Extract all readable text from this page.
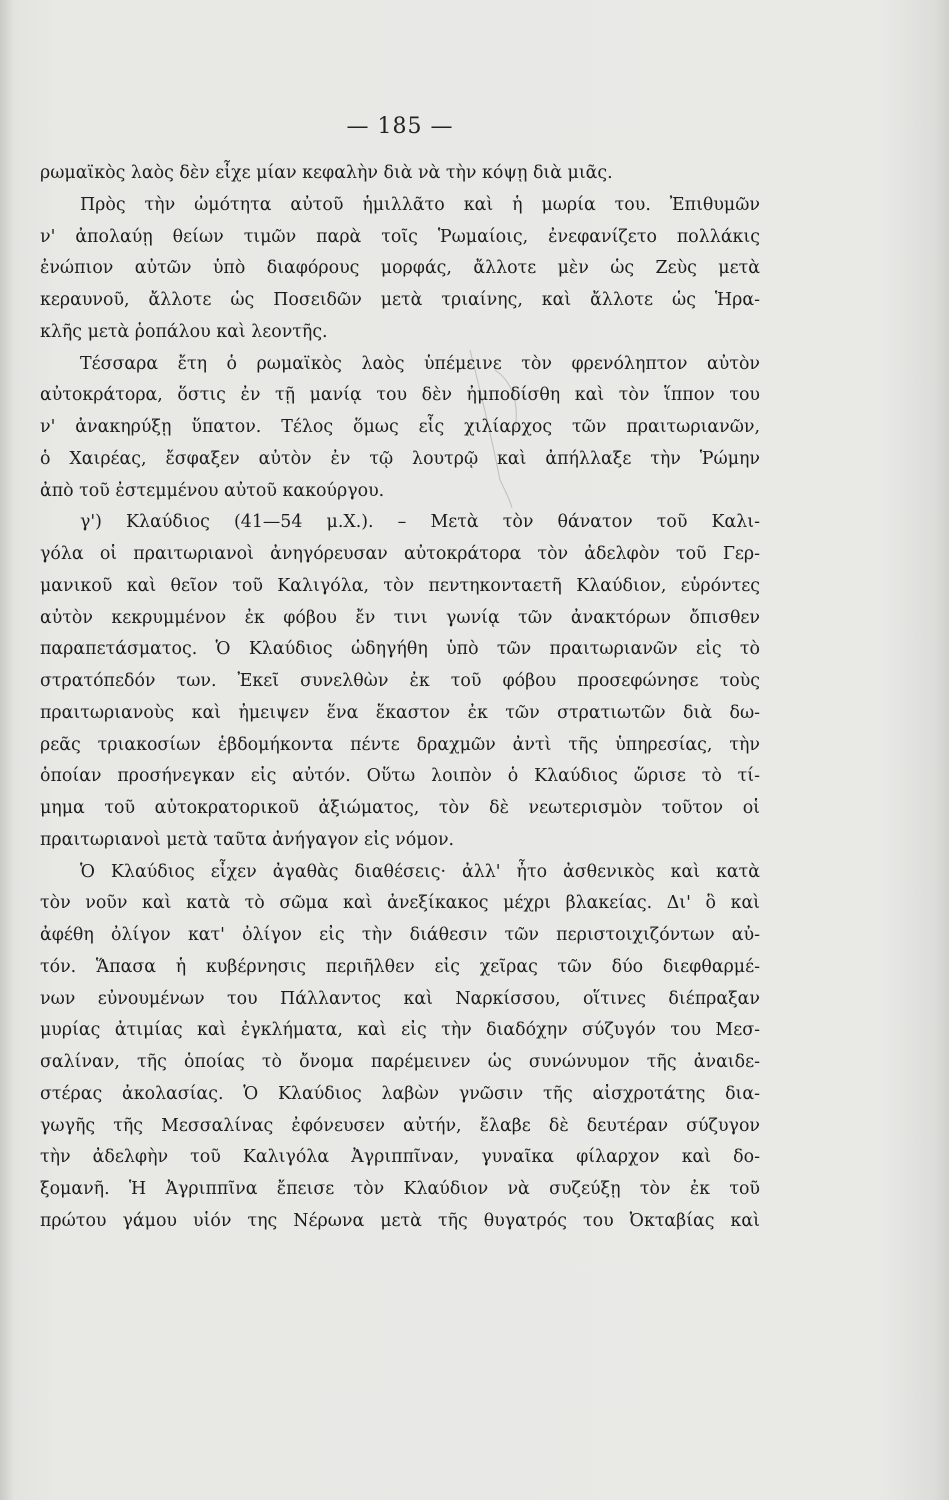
— 185 —
ρωμαϊκὸς λαὸς δὲν εἶχε μίαν κεφαλὴν διὰ νὰ τὴν κόψῃ διὰ μιᾶς.
Πρὸς τὴν ὠμότητα αὐτοῦ ἡμιλλᾶτο καὶ ἡ μωρία του. Ἐπιθυμῶν
ν' ἀπολαύῃ θείων τιμῶν παρὰ τοῖς Ῥωμαίοις, ἐνεφανίζετο πολλάκις
ἐνώπιον αὐτῶν ὑπὸ διαφόρους μορφάς, ἄλλοτε μὲν ὡς Ζεὺς μετὰ
κεραυνοῦ, ἄλλοτε ὡς Ποσειδῶν μετὰ τριαίνης, καὶ ἄλλοτε ὡς Ἡρα-
κλῆς μετὰ ῥοπάλου καὶ λεοντῆς.
Τέσσαρα ἔτη ὁ ρωμαϊκὸς λαὸς ὑπέμεινε τὸν φρενόληπτον αὐτὸν
αὐτοκράτορα, ὅστις ἐν τῇ μανίᾳ του δὲν ἠμποδίσθη καὶ τὸν ἵππον του
ν' ἀνακηρύξῃ ὕπατον. Τέλος ὅμως εἷς χιλίαρχος τῶν πραιτωριανῶν,
ὁ Χαιρέας, ἔσφαξεν αὐτὸν ἐν τῷ λουτρῷ καὶ ἀπήλλαξε τὴν Ῥώμην
ἀπὸ τοῦ ἐστεμμένου αὐτοῦ κακούργου.
γ') Κλαύδιος (41—54 μ.Χ.). – Μετὰ τὸν θάνατον τοῦ Καλι-
γόλα οἱ πραιτωριανοὶ ἀνηγόρευσαν αὐτοκράτορα τὸν ἀδελφὸν τοῦ Γερ-
μανικοῦ καὶ θεῖον τοῦ Καλιγόλα, τὸν πεντηκονταετῆ Κλαύδιον, εὑρόντες
αὐτὸν κεκρυμμένον ἐκ φόβου ἔν τινι γωνίᾳ τῶν ἀνακτόρων ὄπισθεν
παραπετάσματος. Ὁ Κλαύδιος ὡδηγήθη ὑπὸ τῶν πραιτωριανῶν εἰς τὸ
στρατόπεδόν των. Ἐκεῖ συνελθὼν ἐκ τοῦ φόβου προσεφώνησε τοὺς
πραιτωριανοὺς καὶ ἠμειψεν ἕνα ἕκαστον ἐκ τῶν στρατιωτῶν διὰ δω-
ρεᾶς τριακοσίων ἑβδομήκοντα πέντε δραχμῶν ἀντὶ τῆς ὑπηρεσίας, τὴν
ὁποίαν προσήνεγκαν εἰς αὐτόν. Οὕτω λοιπὸν ὁ Κλαύδιος ὥρισε τὸ τί-
μημα τοῦ αὐτοκρατορικοῦ ἀξιώματος, τὸν δὲ νεωτερισμὸν τοῦτον οἱ
πραιτωριανοὶ μετὰ ταῦτα ἀνήγαγον εἰς νόμον.
Ὁ Κλαύδιος εἶχεν ἀγαθὰς διαθέσεις· ἀλλ' ἦτο ἀσθενικὸς καὶ κατὰ
τὸν νοῦν καὶ κατὰ τὸ σῶμα καὶ ἀνεξίκακος μέχρι βλακείας. Δι' ὃ καὶ
ἀφέθη ὀλίγον κατ' ὀλίγον εἰς τὴν διάθεσιν τῶν περιστοιχιζόντων αὐ-
τόν. Ἅπασα ἡ κυβέρνησις περιῆλθεν εἰς χεῖρας τῶν δύο διεφθαρμέ-
νων εὐνουμένων του Πάλλαντος καὶ Ναρκίσσου, οἵτινες διέπραξαν
μυρίας ἀτιμίας καὶ ἐγκλήματα, καὶ εἰς τὴν διαδόχην σύζυγόν του Μεσ-
σαλίναν, τῆς ὁποίας τὸ ὄνομα παρέμεινεν ὡς συνώνυμον τῆς ἀναιδε-
στέρας ἀκολασίας. Ὁ Κλαύδιος λαβὼν γνῶσιν τῆς αἰσχροτάτης δια-
γωγῆς τῆς Μεσσαλίνας ἐφόνευσεν αὐτήν, ἔλαβε δὲ δευτέραν σύζυγον
τὴν ἀδελφὴν τοῦ Καλιγόλα Ἀγριππῖναν, γυναῖκα φίλαρχον καὶ δο-
ξομανῆ. Ἡ Ἀγριππῖνα ἔπεισε τὸν Κλαύδιον νὰ συζεύξῃ τὸν ἐκ τοῦ
πρώτου γάμου υἱόν της Νέρωνα μετὰ τῆς θυγατρός του Ὀκταβίας καὶ
